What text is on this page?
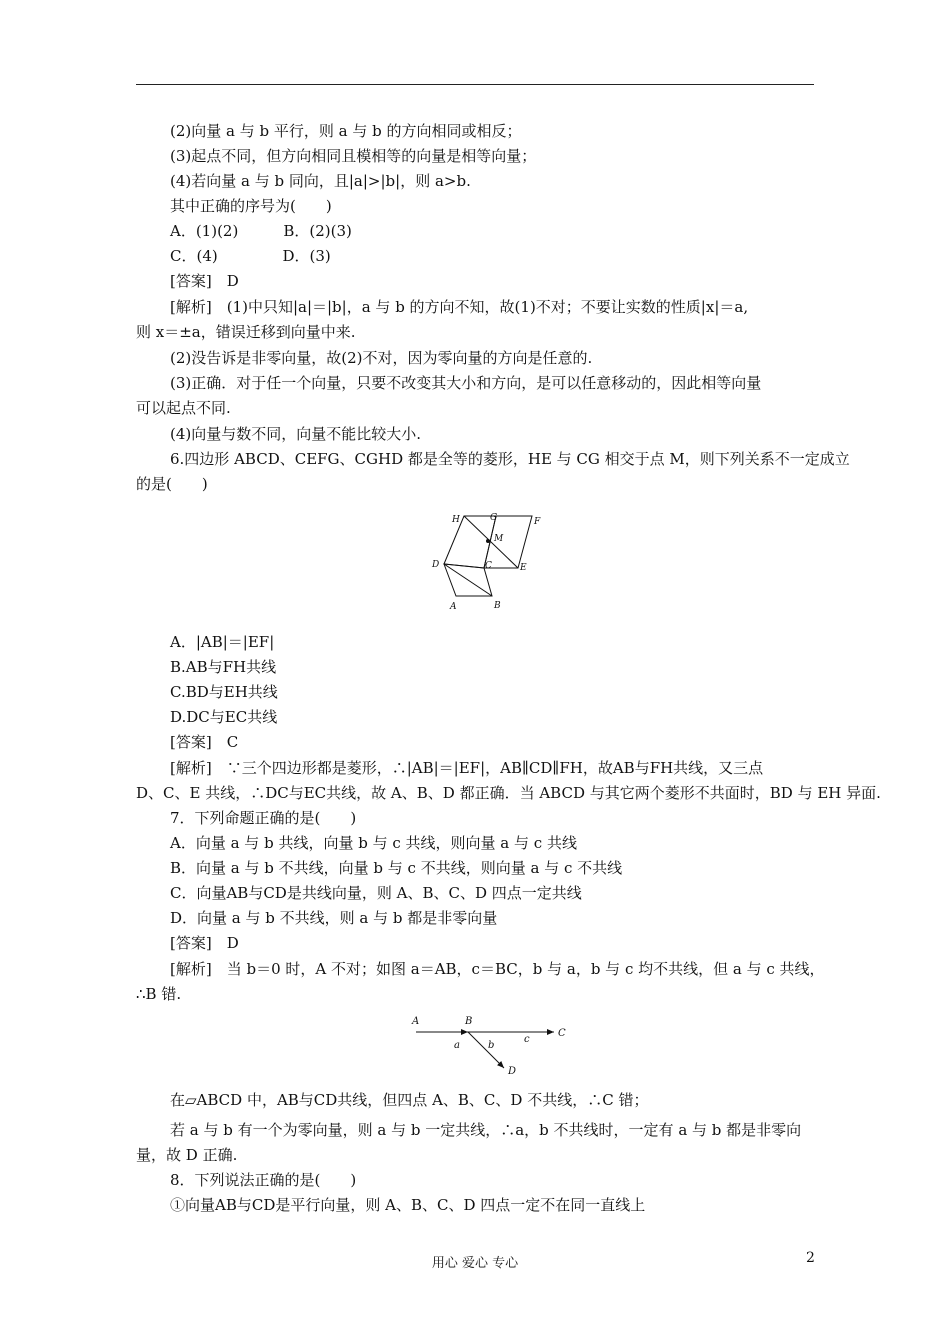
(2)向量 a 与 b 平行，则 a 与 b 的方向相同或相反；
(3)起点不同，但方向相同且模相等的向量是相等向量；
(4)若向量 a 与 b 同向，且|a|>|b|，则 a>b.
其中正确的序号为(　　)
A．(1)(2)　　　B．(2)(3)
C．(4)　　　　 D．(3)
[答案]　D
[解析]　(1)中只知|a|＝|b|，a 与 b 的方向不知，故(1)不对；不要让实数的性质|x|＝a,
则 x＝±a，错误迁移到向量中来.
(2)没告诉是非零向量，故(2)不对，因为零向量的方向是任意的.
(3)正确．对于任一个向量，只要不改变其大小和方向，是可以任意移动的，因此相等向量
可以起点不同.
(4)向量与数不同，向量不能比较大小.
6.四边形 ABCD、CEFG、CGHD 都是全等的菱形，HE 与 CG 相交于点 M，则下列关系不一定成立
的是(　　)
H	G	F
M
D	C	E
A	B
A．|AB|＝|EF|
B.AB与FH共线
C.BD与EH共线
D.DC与EC共线
[答案]　C
[解析]　∵三个四边形都是菱形，∴|AB|＝|EF|，AB∥CD∥FH，故AB与FH共线，又三点
D、C、E 共线，∴DC与EC共线，故 A、B、D 都正确．当 ABCD 与其它两个菱形不共面时，BD 与 EH 异面.
7．下列命题正确的是(　　)
A．向量 a 与 b 共线，向量 b 与 c 共线，则向量 a 与 c 共线
B．向量 a 与 b 不共线，向量 b 与 c 不共线，则向量 a 与 c 不共线
C．向量AB与CD是共线向量，则 A、B、C、D 四点一定共线
D．向量 a 与 b 不共线，则 a 与 b 都是非零向量
[答案]　D
[解析]　当 b＝0 时，A 不对；如图 a＝AB，c＝BC，b 与 a，b 与 c 均不共线，但 a 与 c 共线，
∴B 错.
A	B
C
a	b
c
D
在▱ABCD 中，AB与CD共线，但四点 A、B、C、D 不共线，∴C 错；
若 a 与 b 有一个为零向量，则 a 与 b 一定共线，∴a，b 不共线时，一定有 a 与 b 都是非零向
量，故 D 正确.
8．下列说法正确的是(　　)
①向量AB与CD是平行向量，则 A、B、C、D 四点一定不在同一直线上
用心 爱心 专心	2
